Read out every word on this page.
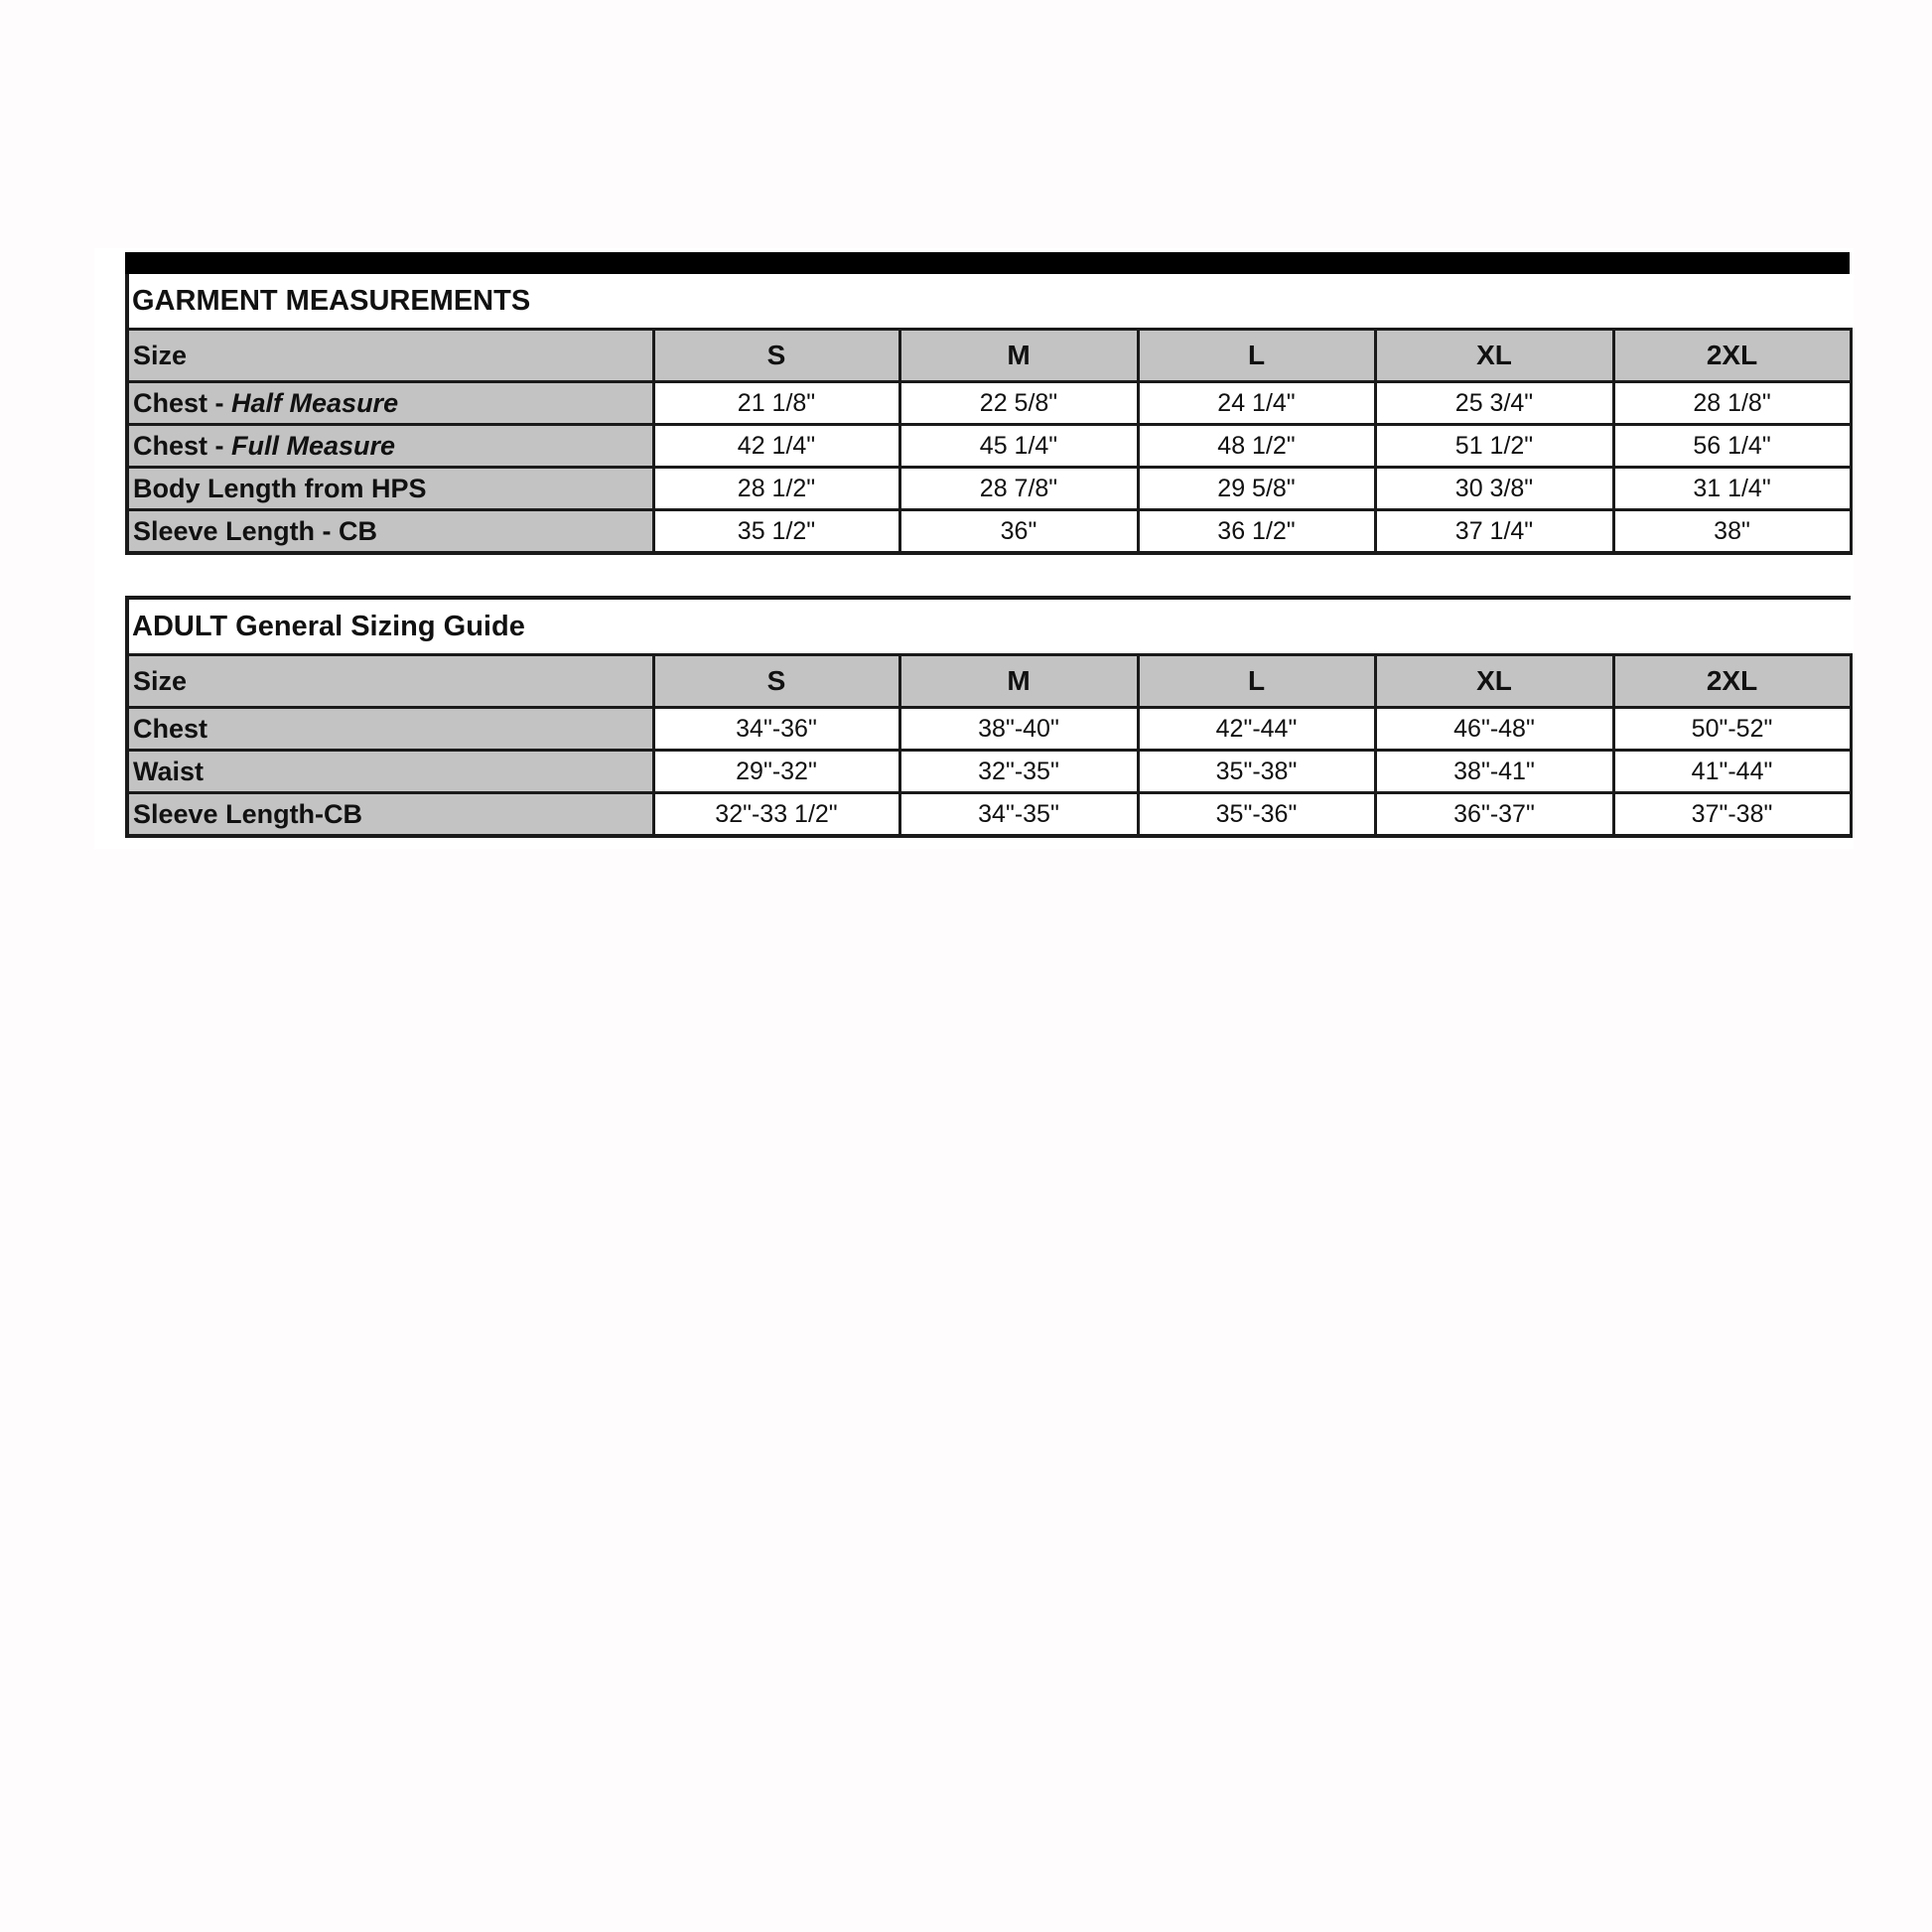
GARMENT MEASUREMENTS					
Size	S	M	L	XL	2XL
Chest - Half Measure	21 1/8"	22 5/8"	24 1/4"	25 3/4"	28 1/8"
Chest - Full Measure	42 1/4"	45 1/4"	48 1/2"	51 1/2"	56 1/4"
Body Length from HPS	28 1/2"	28 7/8"	29 5/8"	30 3/8"	31 1/4"
Sleeve Length - CB	35 1/2"	36"	36 1/2"	37 1/4"	38"
ADULT General Sizing Guide					
Size	S	M	L	XL	2XL
Chest	34"-36"	38"-40"	42"-44"	46"-48"	50"-52"
Waist	29"-32"	32"-35"	35"-38"	38"-41"	41"-44"
Sleeve Length-CB	32"-33 1/2"	34"-35"	35"-36"	36"-37"	37"-38"
